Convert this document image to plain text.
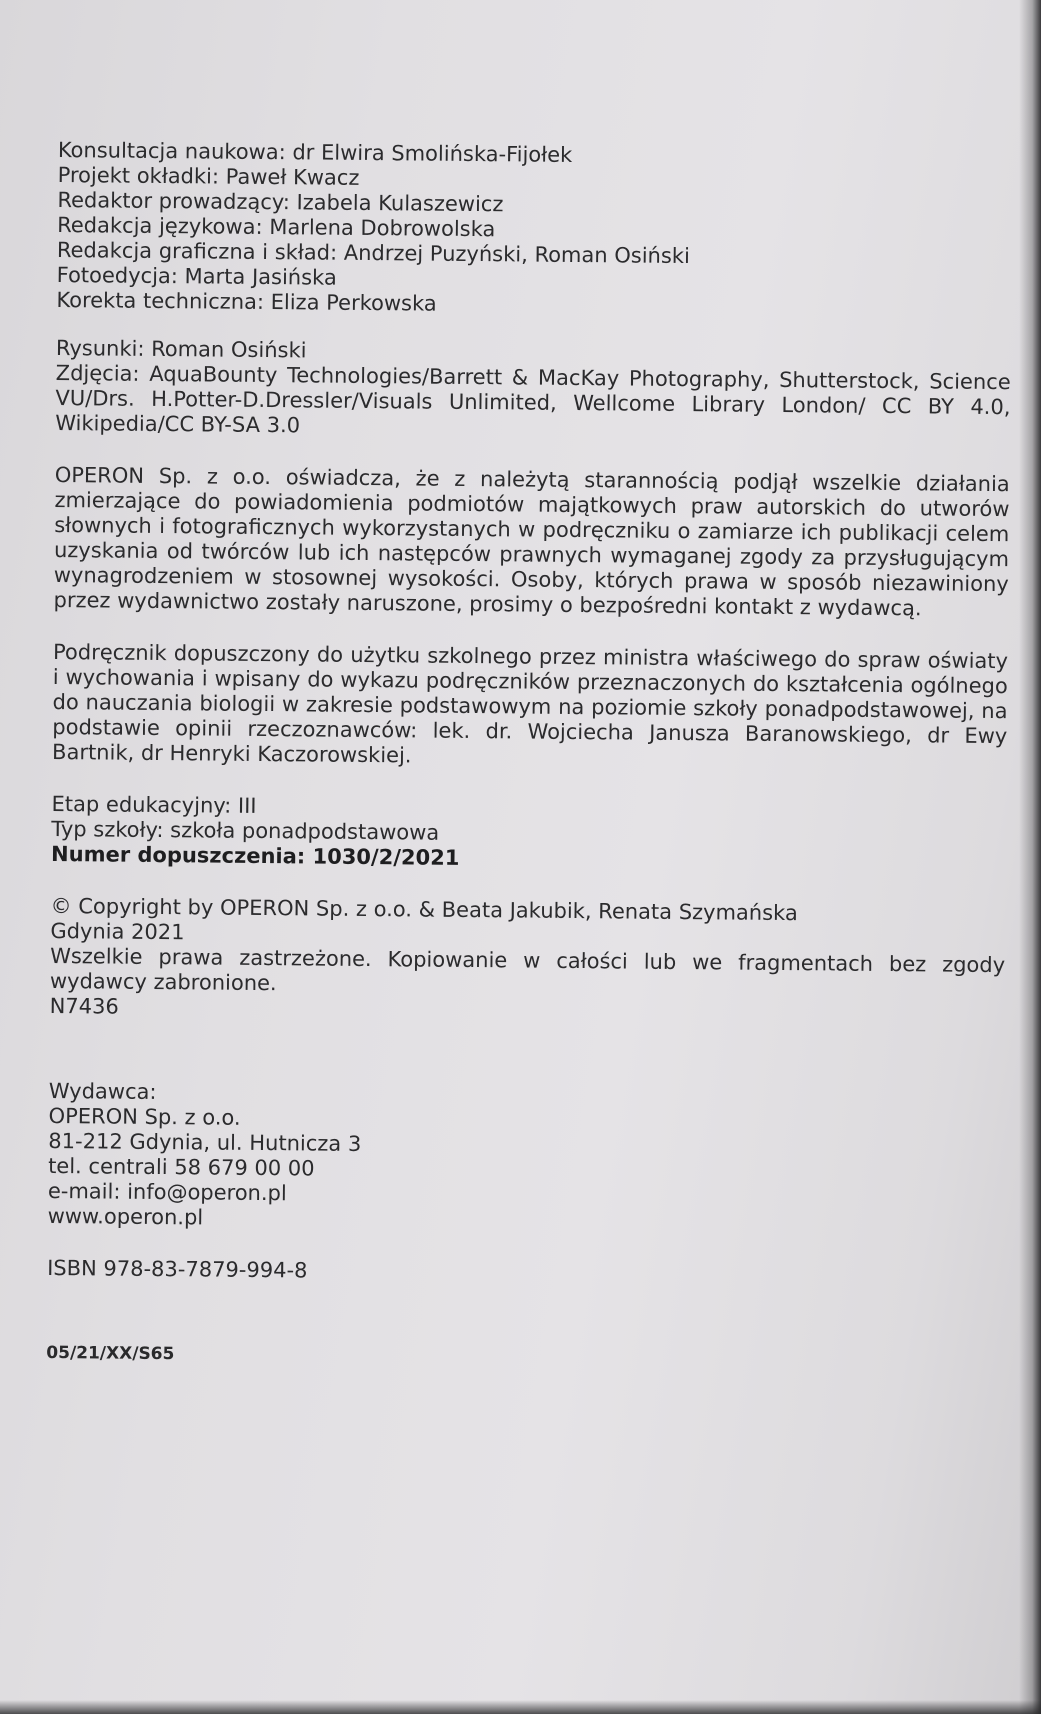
Konsultacja naukowa: dr Elwira Smolińska-Fijołek
Projekt okładki: Paweł Kwacz
Redaktor prowadzący: Izabela Kulaszewicz
Redakcja językowa: Marlena Dobrowolska
Redakcja graficzna i skład: Andrzej Puzyński, Roman Osiński
Fotoedycja: Marta Jasińska
Korekta techniczna: Eliza Perkowska
Rysunki: Roman Osiński
Zdjęcia: AquaBounty Technologies/Barrett & MacKay Photography, Shutterstock, Science VU/Drs. H.Potter-D.Dressler/Visuals Unlimited, Wellcome Library London/ CC BY 4.0, Wikipedia/CC BY-SA 3.0
OPERON Sp. z o.o. oświadcza, że z należytą starannością podjął wszelkie działania zmierzające do powiadomienia podmiotów majątkowych praw autorskich do utworów słownych i fotograficznych wykorzystanych w podręczniku o zamiarze ich publikacji celem uzyskania od twórców lub ich następców prawnych wymaganej zgody za przysługującym wynagrodzeniem w stosownej wysokości. Osoby, których prawa w sposób niezawiniony przez wydawnictwo zostały naruszone, prosimy o bezpośredni kontakt z wydawcą.
Podręcznik dopuszczony do użytku szkolnego przez ministra właściwego do spraw oświaty i wychowania i wpisany do wykazu podręczników przeznaczonych do kształcenia ogólnego do nauczania biologii w zakresie podstawowym na poziomie szkoły ponadpodstawowej, na podstawie opinii rzeczoznawców: lek. dr. Wojciecha Janusza Baranowskiego, dr Ewy Bartnik, dr Henryki Kaczorowskiej.
Etap edukacyjny: III
Typ szkoły: szkoła ponadpodstawowa
Numer dopuszczenia: 1030/2/2021
© Copyright by OPERON Sp. z o.o. & Beata Jakubik, Renata Szymańska
Gdynia 2021
Wszelkie prawa zastrzeżone. Kopiowanie w całości lub we fragmentach bez zgody wydawcy zabronione.
N7436
Wydawca:
OPERON Sp. z o.o.
81-212 Gdynia, ul. Hutnicza 3
tel. centrali 58 679 00 00
e-mail: info@operon.pl
www.operon.pl
ISBN 978-83-7879-994-8
05/21/XX/S65
